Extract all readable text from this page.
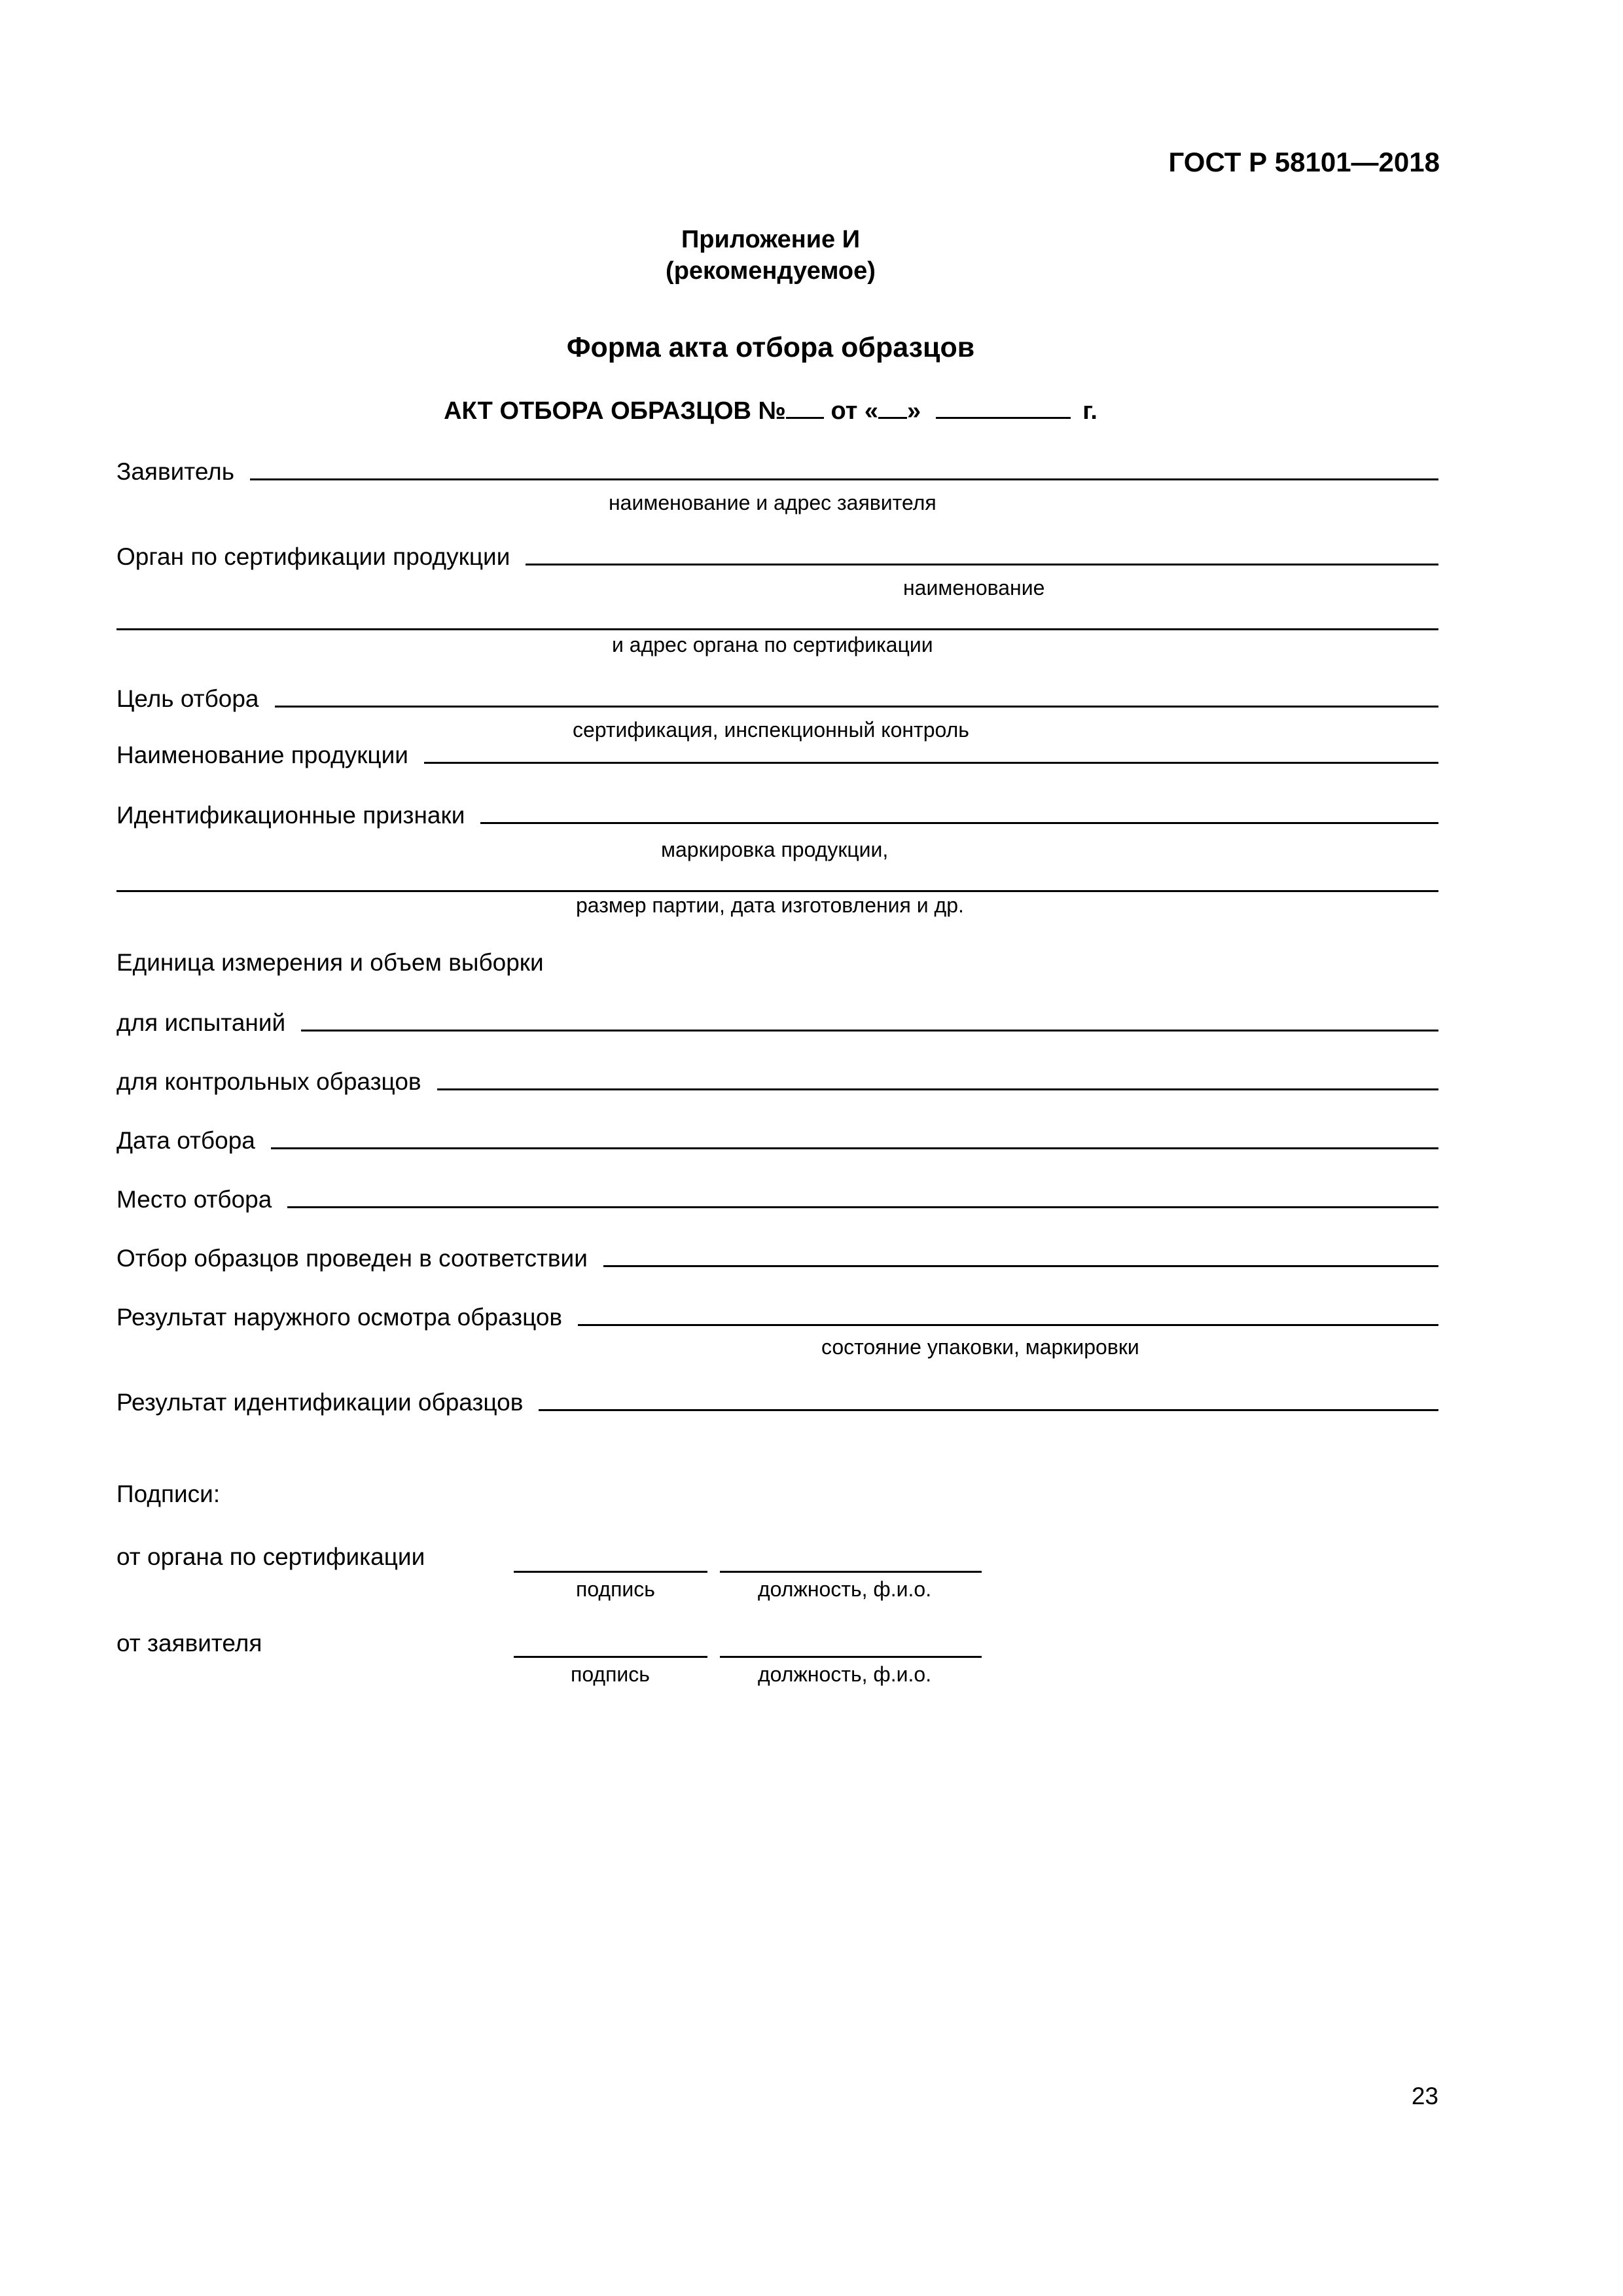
ГОСТ Р 58101—2018
Приложение И
(рекомендуемое)
Форма акта отбора образцов
АКТ ОТБОРА ОБРАЗЦОВ № от « »	г.
Заявитель
наименование и адрес заявителя
Орган по сертификации продукции
наименование
и адрес органа по сертификации
Цель отбора
сертификация, инспекционный контроль
Наименование продукции
Идентификационные признаки
маркировка продукции,
размер партии, дата изготовления и др.
Единица измерения и объем выборки
для испытаний
для контрольных образцов
Дата отбора
Место отбора
Отбор образцов проведен в соответствии
Результат наружного осмотра образцов
состояние упаковки, маркировки
Результат идентификации образцов
Подписи:
от органа по сертификации
подпись	должность, ф.и.о.
от заявителя
подпись	должность, ф.и.о.
23
